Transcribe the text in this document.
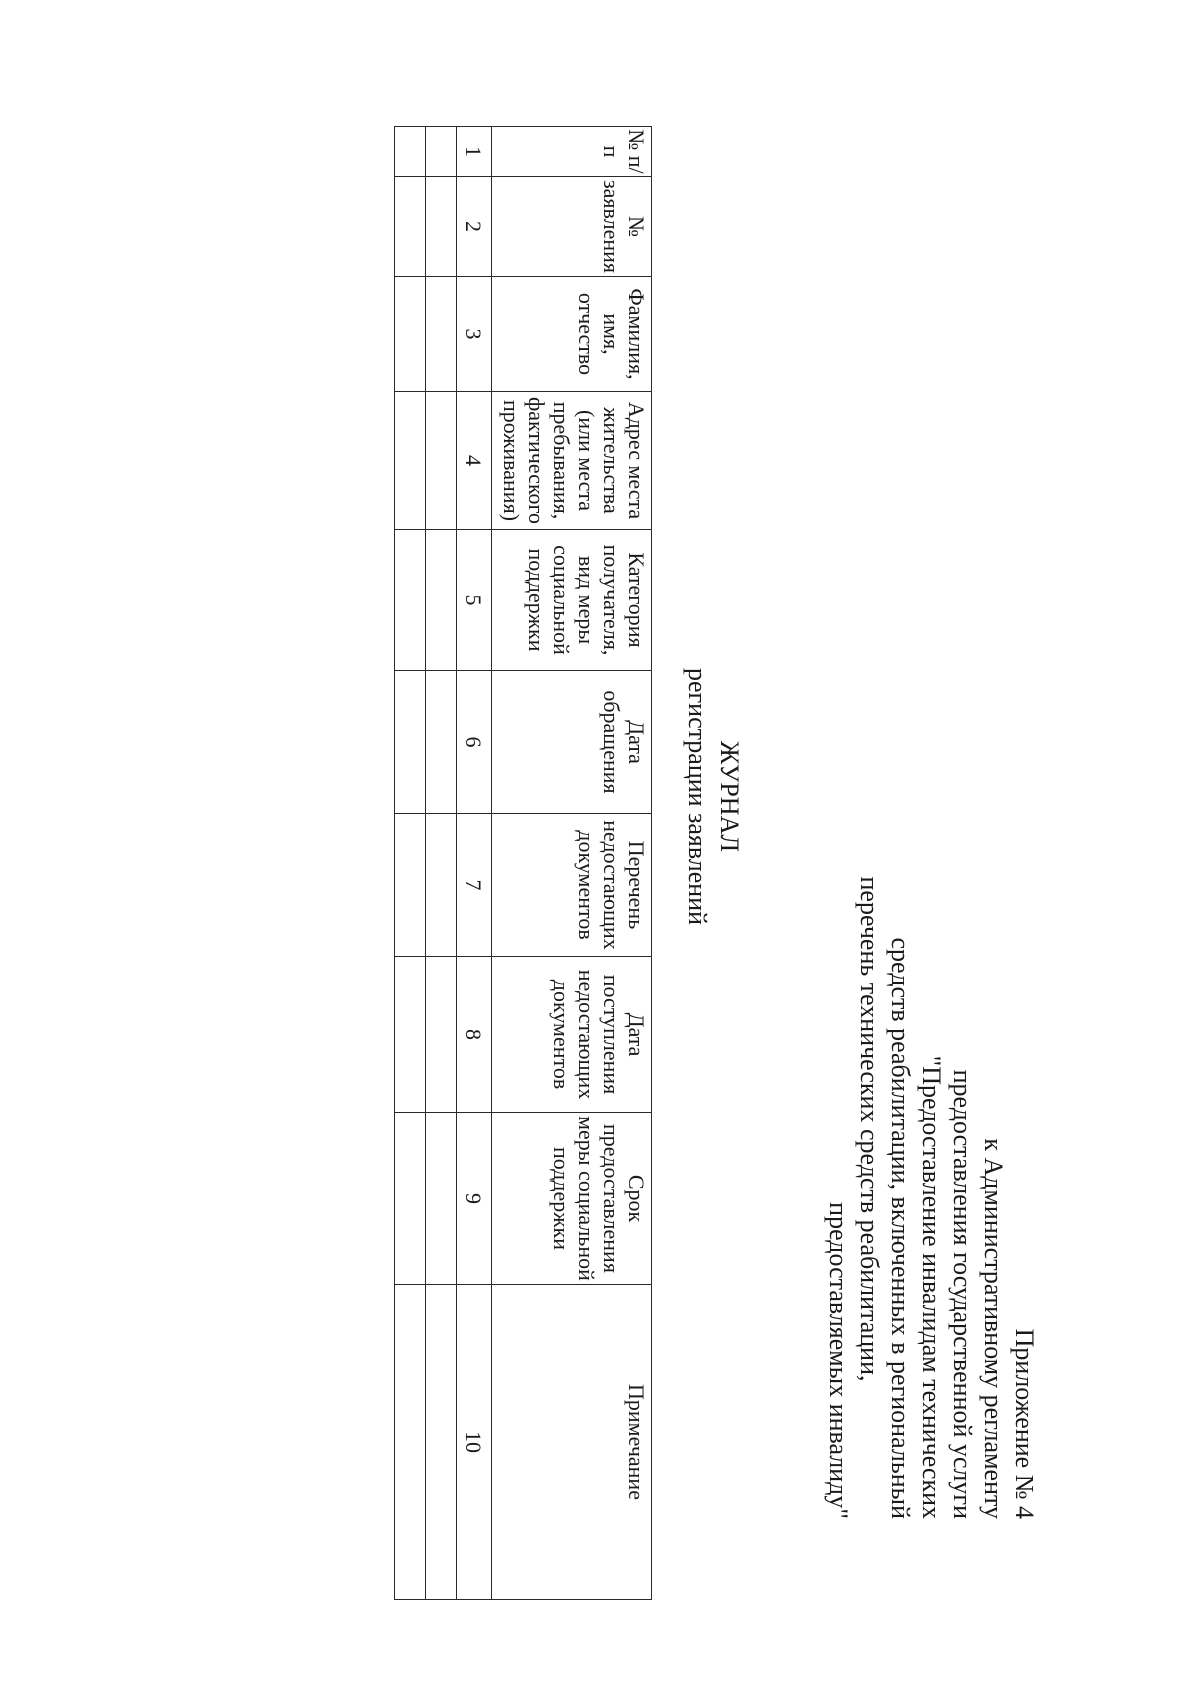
Приложение № 4
к Административному регламенту
предоставления государственной услуги
"Предоставление инвалидам технических
средств реабилитации, включенных в региональный
перечень технических средств реабилитации,
предоставляемых инвалиду"
ЖУРНАЛ
регистрации заявлений
№ п/п	№ заявления	Фамилия, имя, отчество	Адрес места жительства (или места пребывания, фактического проживания)	Категория получателя, вид меры социальной поддержки	Дата обращения	Перечень недостающих документов	Дата поступления недостающих документов	Срок предоставления меры социальной поддержки	Примечание
1	2	3	4	5	6	7	8	9	10
